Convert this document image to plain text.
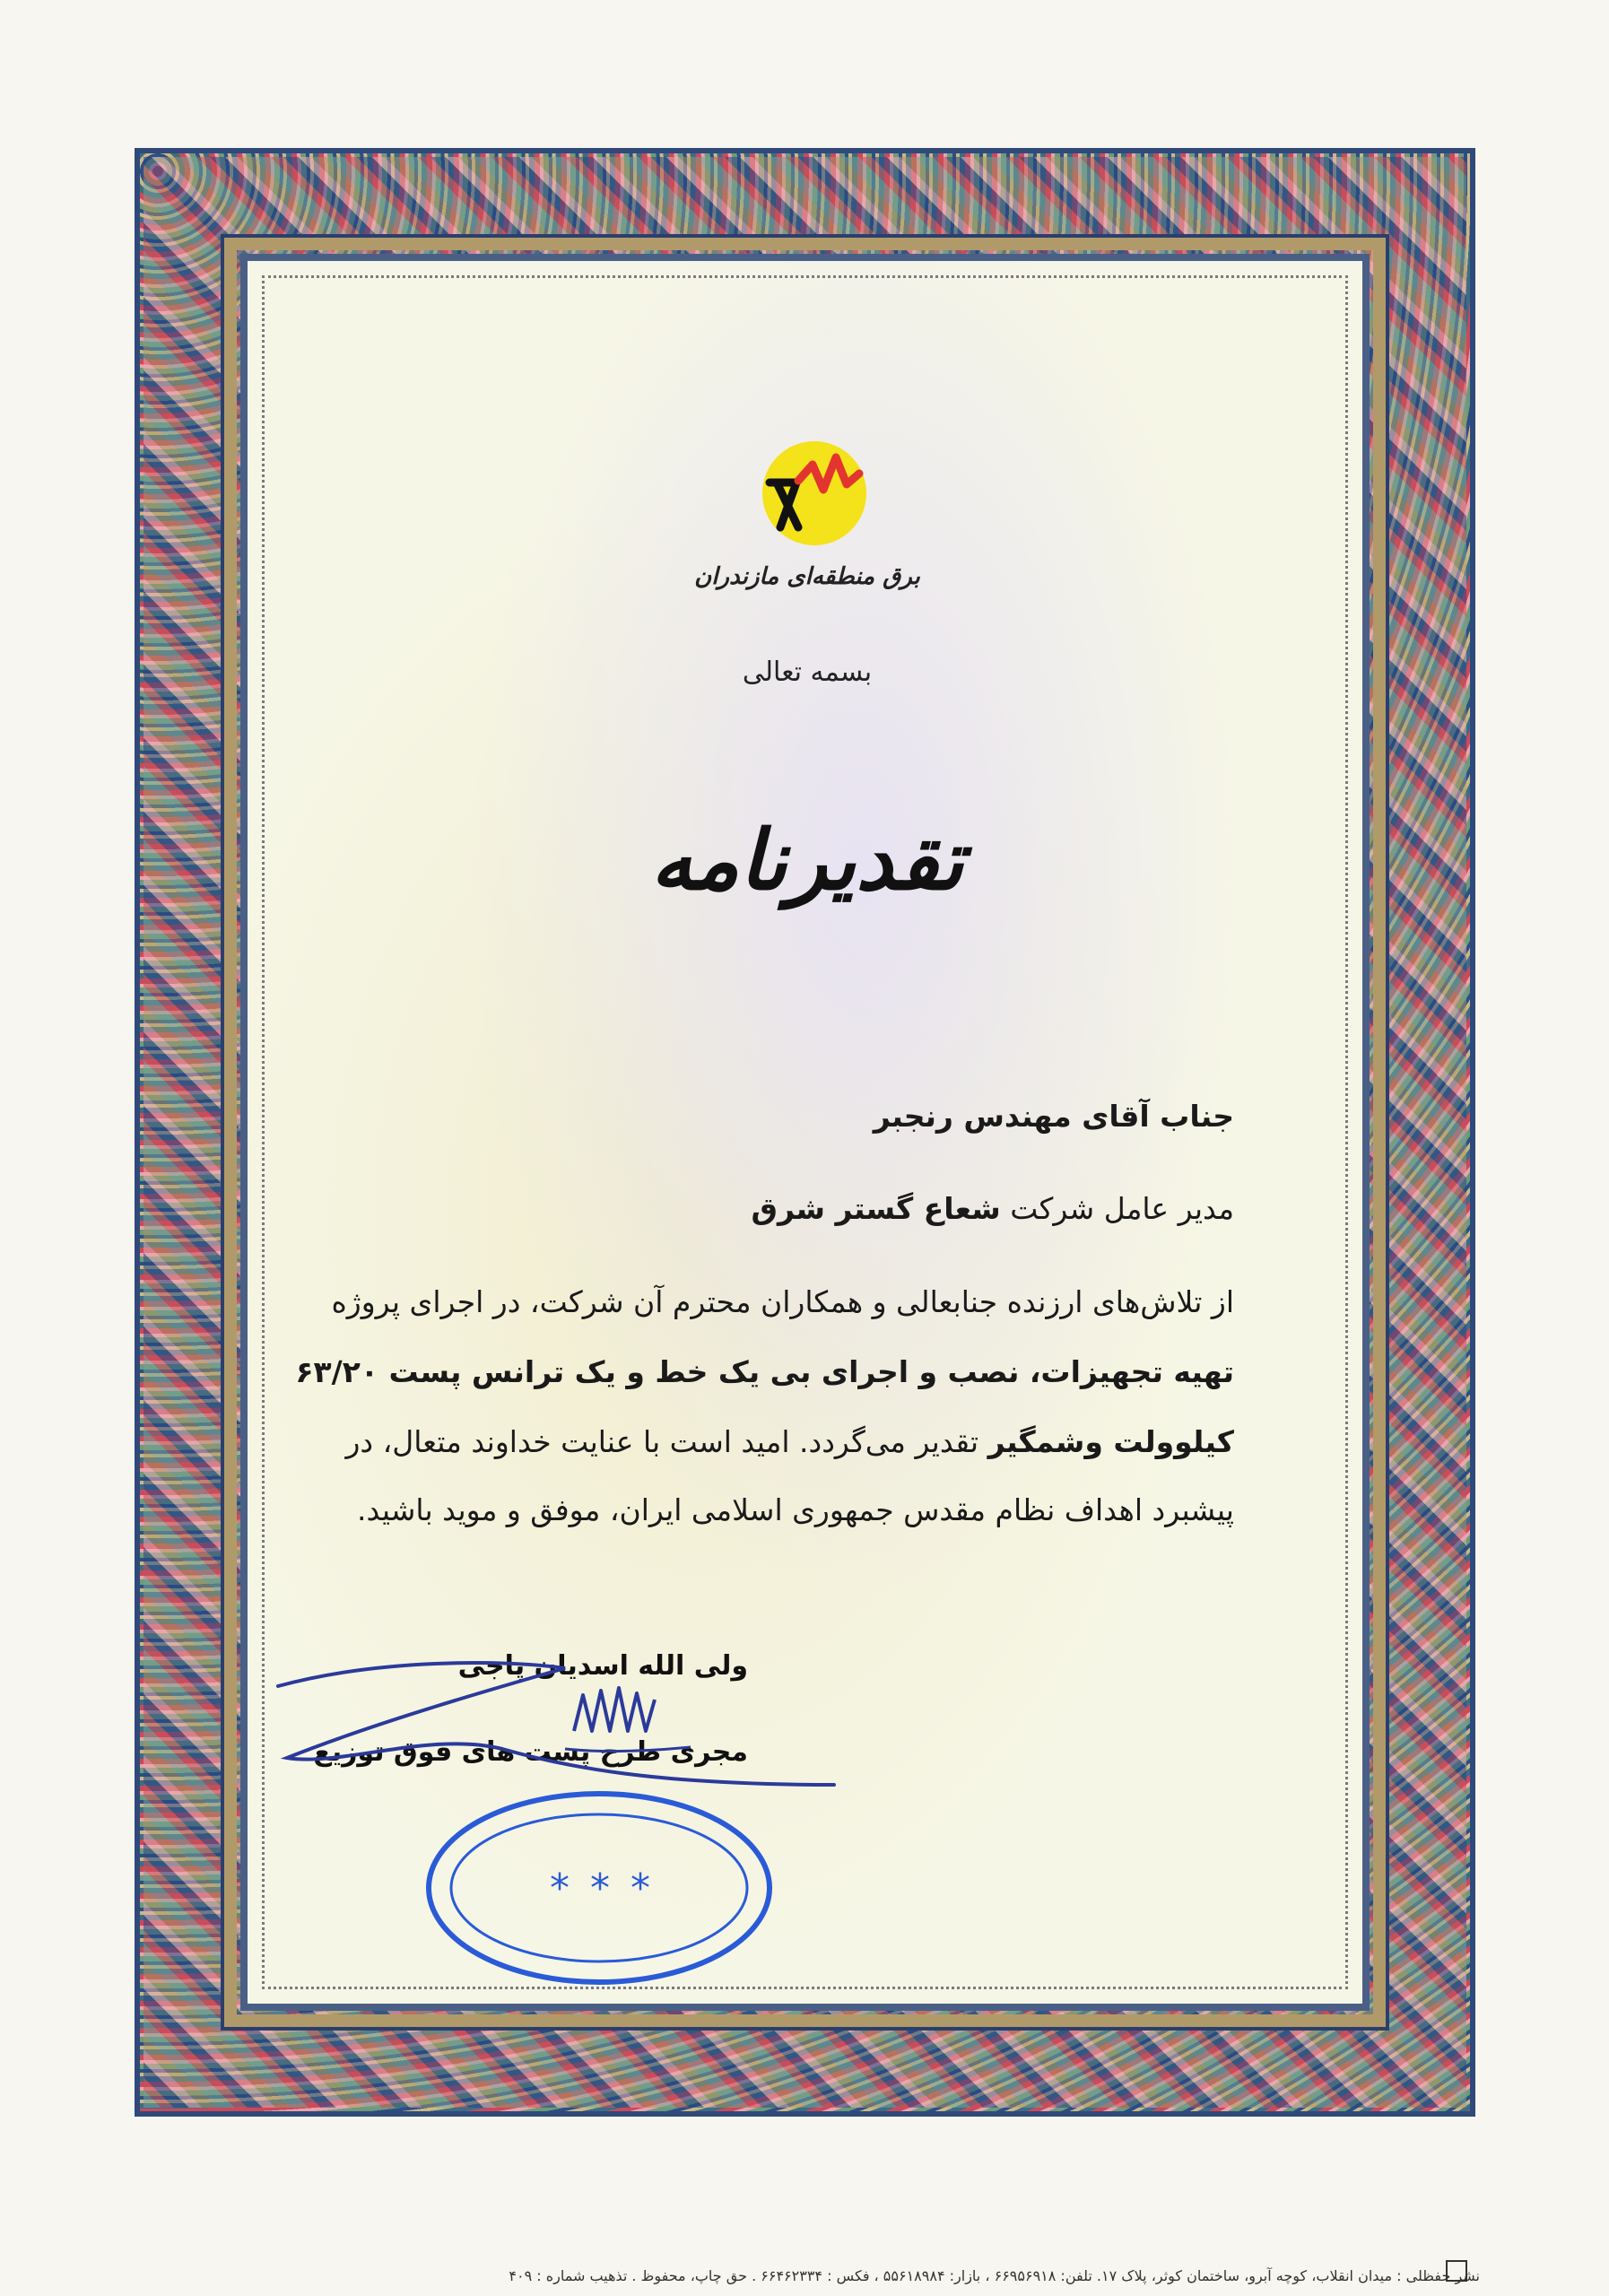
برق منطقه‌ای مازندران
بسمه تعالی
تقدیرنامه
جناب آقای مهندس رنجبر
مدیر عامل شرکت شعاع گستر شرق
از تلاش‌های ارزنده جنابعالی و همکاران محترم آن شرکت، در اجرای پروژه
تهیه تجهیزات، نصب و اجرای بی یک خط و یک ترانس پست ۶۳/۲۰
کیلوولت وشمگیر تقدیر می‌گردد. امید است با عنایت خداوند متعال، در
پیشبرد اهداف نظام مقدس جمهوری اسلامی ایران، موفق و موید باشید.
ولی الله اسدیان پاجی
مجری طرح پست های فوق توزیع
* * *
نشر حفظلی : میدان انقلاب، کوچه آبرو، ساختمان کوثر، پلاک ۱۷. تلفن: ۶۶۹۵۶۹۱۸ ، بازار: ۵۵۶۱۸۹۸۴ ، فکس : ۶۶۴۶۲۳۳۴ . حق چاپ، محفوظ . تذهیب شماره : ۴۰۹
